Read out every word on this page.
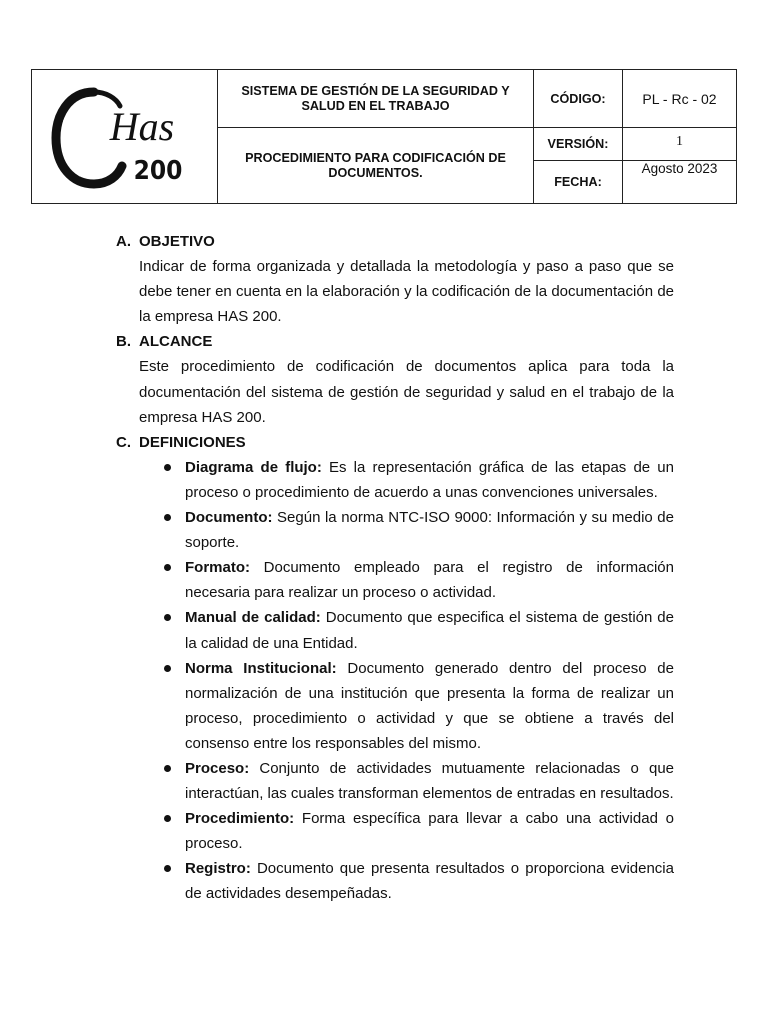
Has
200	SISTEMA DE GESTIÓN DE LA SEGURIDAD Y SALUD EN EL TRABAJO	CÓDIGO:	PL - Rc - 02
	PROCEDIMIENTO PARA CODIFICACIÓN DE DOCUMENTOS.	VERSIÓN:	1
		FECHA:	Agosto 2023
A. OBJETIVO

Indicar de forma organizada y detallada la metodología y paso a paso que se debe tener en cuenta en la elaboración y la codificación de la documentación de la empresa HAS 200.

B. ALCANCE

Este procedimiento de codificación de documentos aplica para toda la documentación del sistema de gestión de seguridad y salud en el trabajo de la empresa HAS 200.

C. DEFINICIONES
Diagrama de flujo: Es la representación gráfica de las etapas de un proceso o procedimiento de acuerdo a unas convenciones universales.
Documento: Según la norma NTC-ISO 9000: Información y su medio de soporte.
Formato: Documento empleado para el registro de información necesaria para realizar un proceso o actividad.
Manual de calidad: Documento que especifica el sistema de gestión de la calidad de una Entidad.
Norma Institucional: Documento generado dentro del proceso de normalización de una institución que presenta la forma de realizar un proceso, procedimiento o actividad y que se obtiene a través del consenso entre los responsables del mismo.
Proceso: Conjunto de actividades mutuamente relacionadas o que interactúan, las cuales transforman elementos de entradas en resultados.
Procedimiento: Forma específica para llevar a cabo una actividad o proceso.
Registro: Documento que presenta resultados o proporciona evidencia de actividades desempeñadas.
